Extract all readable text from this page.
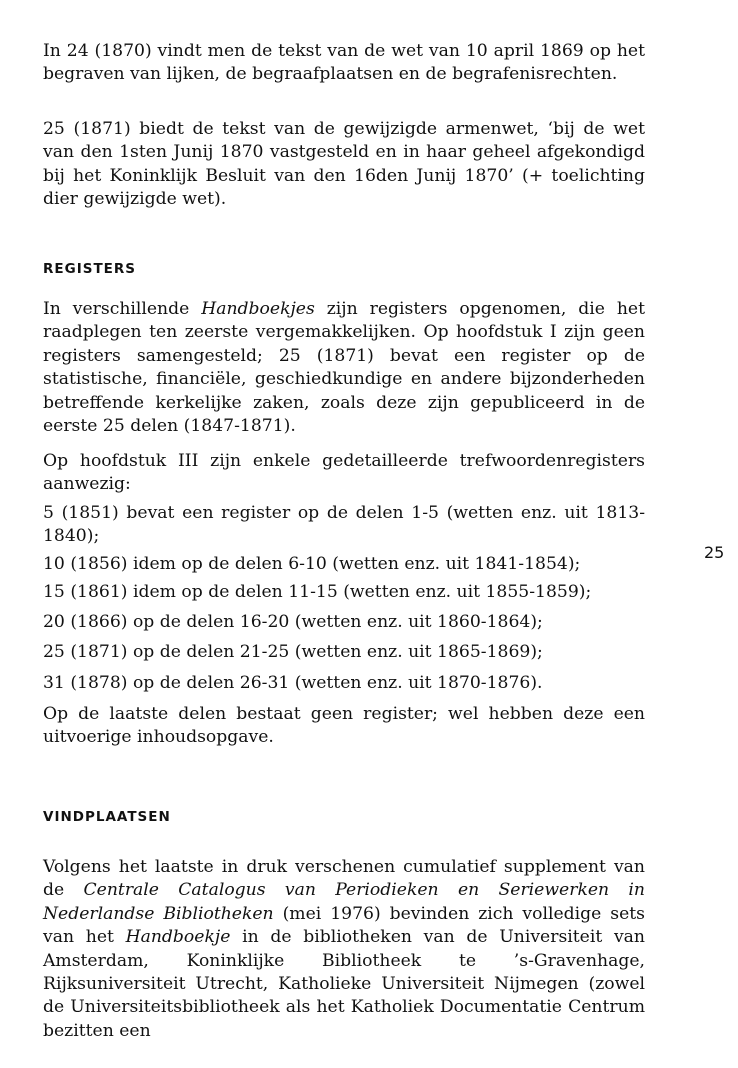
In 24 (1870) vindt men de tekst van de wet van 10 april 1869 op het begraven van lijken, de begraafplaatsen en de begrafenisrechten.

25 (1871) biedt de tekst van de gewijzigde armenwet, ‘bij de wet van den 1sten Junij 1870 vastgesteld en in haar geheel afgekondigd bij het Koninklijk Besluit van den 16den Junij 1870’ (+ toelichting dier gewijzigde wet).

REGISTERS

In verschillende Handboekjes zijn registers opgenomen, die het raadplegen ten zeerste vergemakkelijken. Op hoofdstuk I zijn geen registers samengesteld; 25 (1871) bevat een register op de statistische, financiële, geschiedkundige en andere bijzonderheden betreffende kerkelijke zaken, zoals deze zijn gepubliceerd in de eerste 25 delen (1847-1871).

Op hoofdstuk III zijn enkele gedetailleerde trefwoordenregisters aanwezig:

5 (1851) bevat een register op de delen 1-5 (wetten enz. uit 1813-1840);

10 (1856) idem op de delen 6-10 (wetten enz. uit 1841-1854);

15 (1861) idem op de delen 11-15 (wetten enz. uit 1855-1859);

20 (1866) op de delen 16-20 (wetten enz. uit 1860-1864);

25 (1871) op de delen 21-25 (wetten enz. uit 1865-1869);

31 (1878) op de delen 26-31 (wetten enz. uit 1870-1876).

Op de laatste delen bestaat geen register; wel hebben deze een uitvoerige inhoudsopgave.

VINDPLAATSEN

Volgens het laatste in druk verschenen cumulatief supplement van de Centrale Catalogus van Periodieken en Seriewerken in Nederlandse Bibliotheken (mei 1976) bevinden zich volledige sets van het Handboekje in de bibliotheken van de Universiteit van Amsterdam, Koninklijke Bibliotheek te ’s-Gravenhage, Rijksuniversiteit Utrecht, Katholieke Universiteit Nijmegen (zowel de Universiteitsbibliotheek als het Katholiek Documentatie Centrum bezitten een

25
